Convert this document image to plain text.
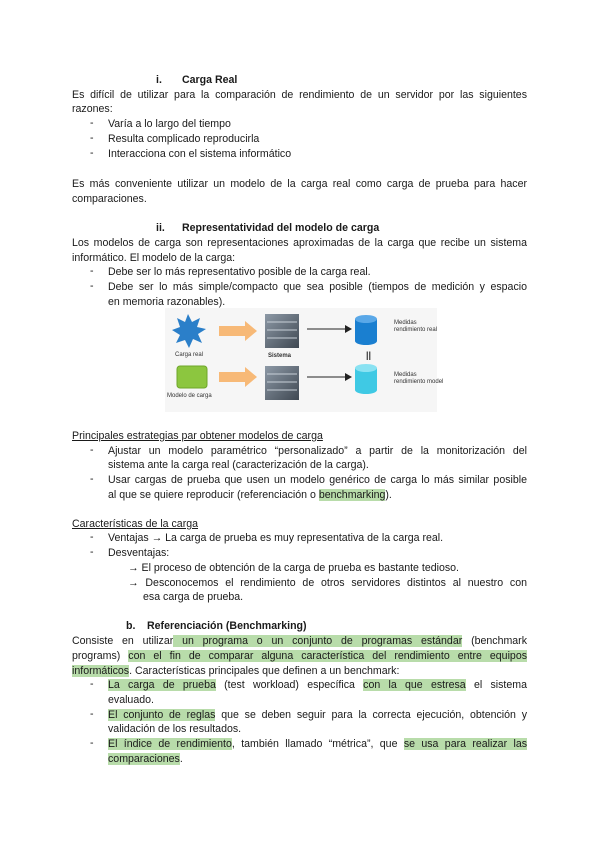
i. Carga Real
Es difícil de utilizar para la comparación de rendimiento de un servidor por las siguientes
razones:
- Varía a lo largo del tiempo
- Resulta complicado reproducirla
- Interacciona con el sistema informático
Es más conveniente utilizar un modelo de la carga real como carga de prueba para hacer
comparaciones.
ii. Representatividad del modelo de carga
Los modelos de carga son representaciones aproximadas de la carga que recibe un sistema
informático. El modelo de la carga:
- Debe ser lo más representativo posible de la carga real.
- Debe ser lo más simple/compacto que sea posible (tiempos de medición y espacio
en memoria razonables).
Carga real	Sistema
Modelo de carga
Medidas
rendimiento real
Medidas
rendimiento model
||
Principales estrategias par obtener modelos de carga
- Ajustar un modelo paramétrico “personalizado” a partir de la monitorización del
sistema ante la carga real (caracterización de la carga).
- Usar cargas de prueba que usen un modelo genérico de carga lo más similar posible
al que se quiere reproducir (referenciación o benchmarking).
Características de la carga
- Ventajas → La carga de prueba es muy representativa de la carga real.
- Desventajas:
→ El proceso de obtención de la carga de prueba es bastante tedioso.
→ Desconocemos el rendimiento de otros servidores distintos al nuestro con
esa carga de prueba.
b. Referenciación (Benchmarking)
Consiste en utilizar un programa o un conjunto de programas estándar (benchmark
programs) con el fin de comparar alguna característica del rendimiento entre equipos
informáticos. Características principales que definen a un benchmark:
- La carga de prueba (test workload) específica con la que estresa el sistema
evaluado.
- El conjunto de reglas que se deben seguir para la correcta ejecución, obtención y
validación de los resultados.
- El índice de rendimiento, también llamado “métrica”, que se usa para realizar las
comparaciones.
